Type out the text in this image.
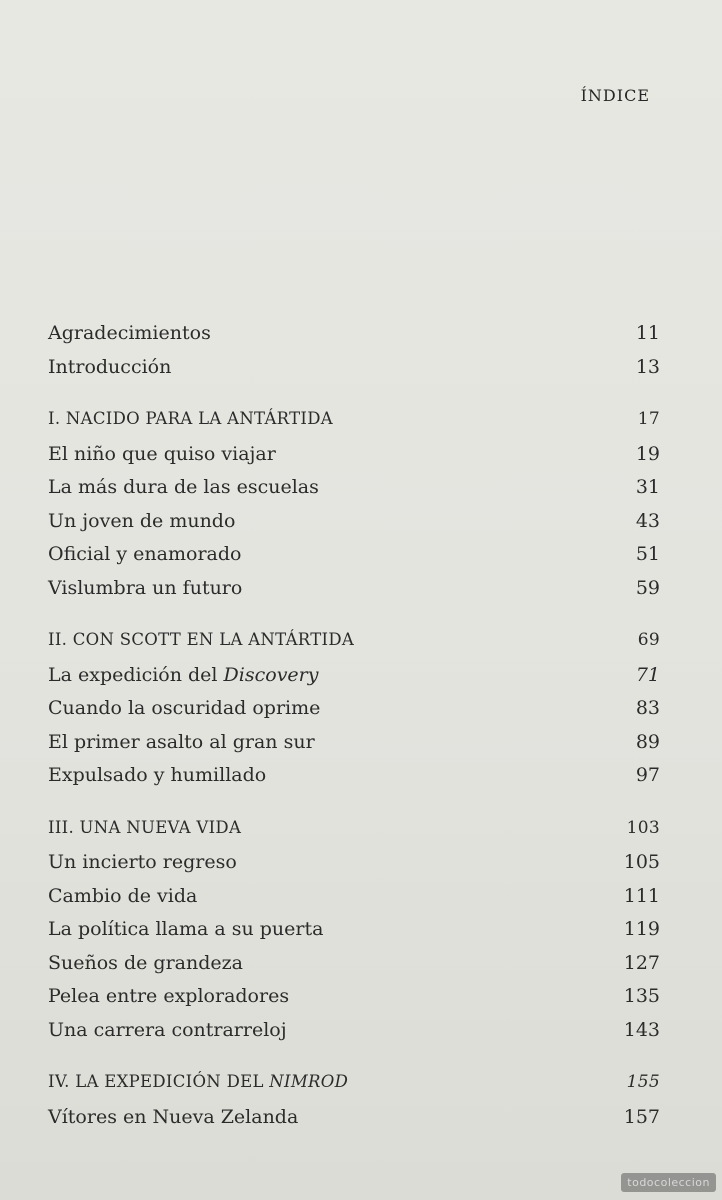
ÍNDICE
Agradecimientos	11
Introducción	13
I. NACIDO PARA LA ANTÁRTIDA	17
El niño que quiso viajar	19
La más dura de las escuelas	31
Un joven de mundo	43
Oficial y enamorado	51
Vislumbra un futuro	59
II. CON SCOTT EN LA ANTÁRTIDA	69
La expedición del Discovery	71
Cuando la oscuridad oprime	83
El primer asalto al gran sur	89
Expulsado y humillado	97
III. UNA NUEVA VIDA	103
Un incierto regreso	105
Cambio de vida	111
La política llama a su puerta	119
Sueños de grandeza	127
Pelea entre exploradores	135
Una carrera contrarreloj	143
IV. LA EXPEDICIÓN DEL NIMROD	155
Vítores en Nueva Zelanda	157
todocoleccion
